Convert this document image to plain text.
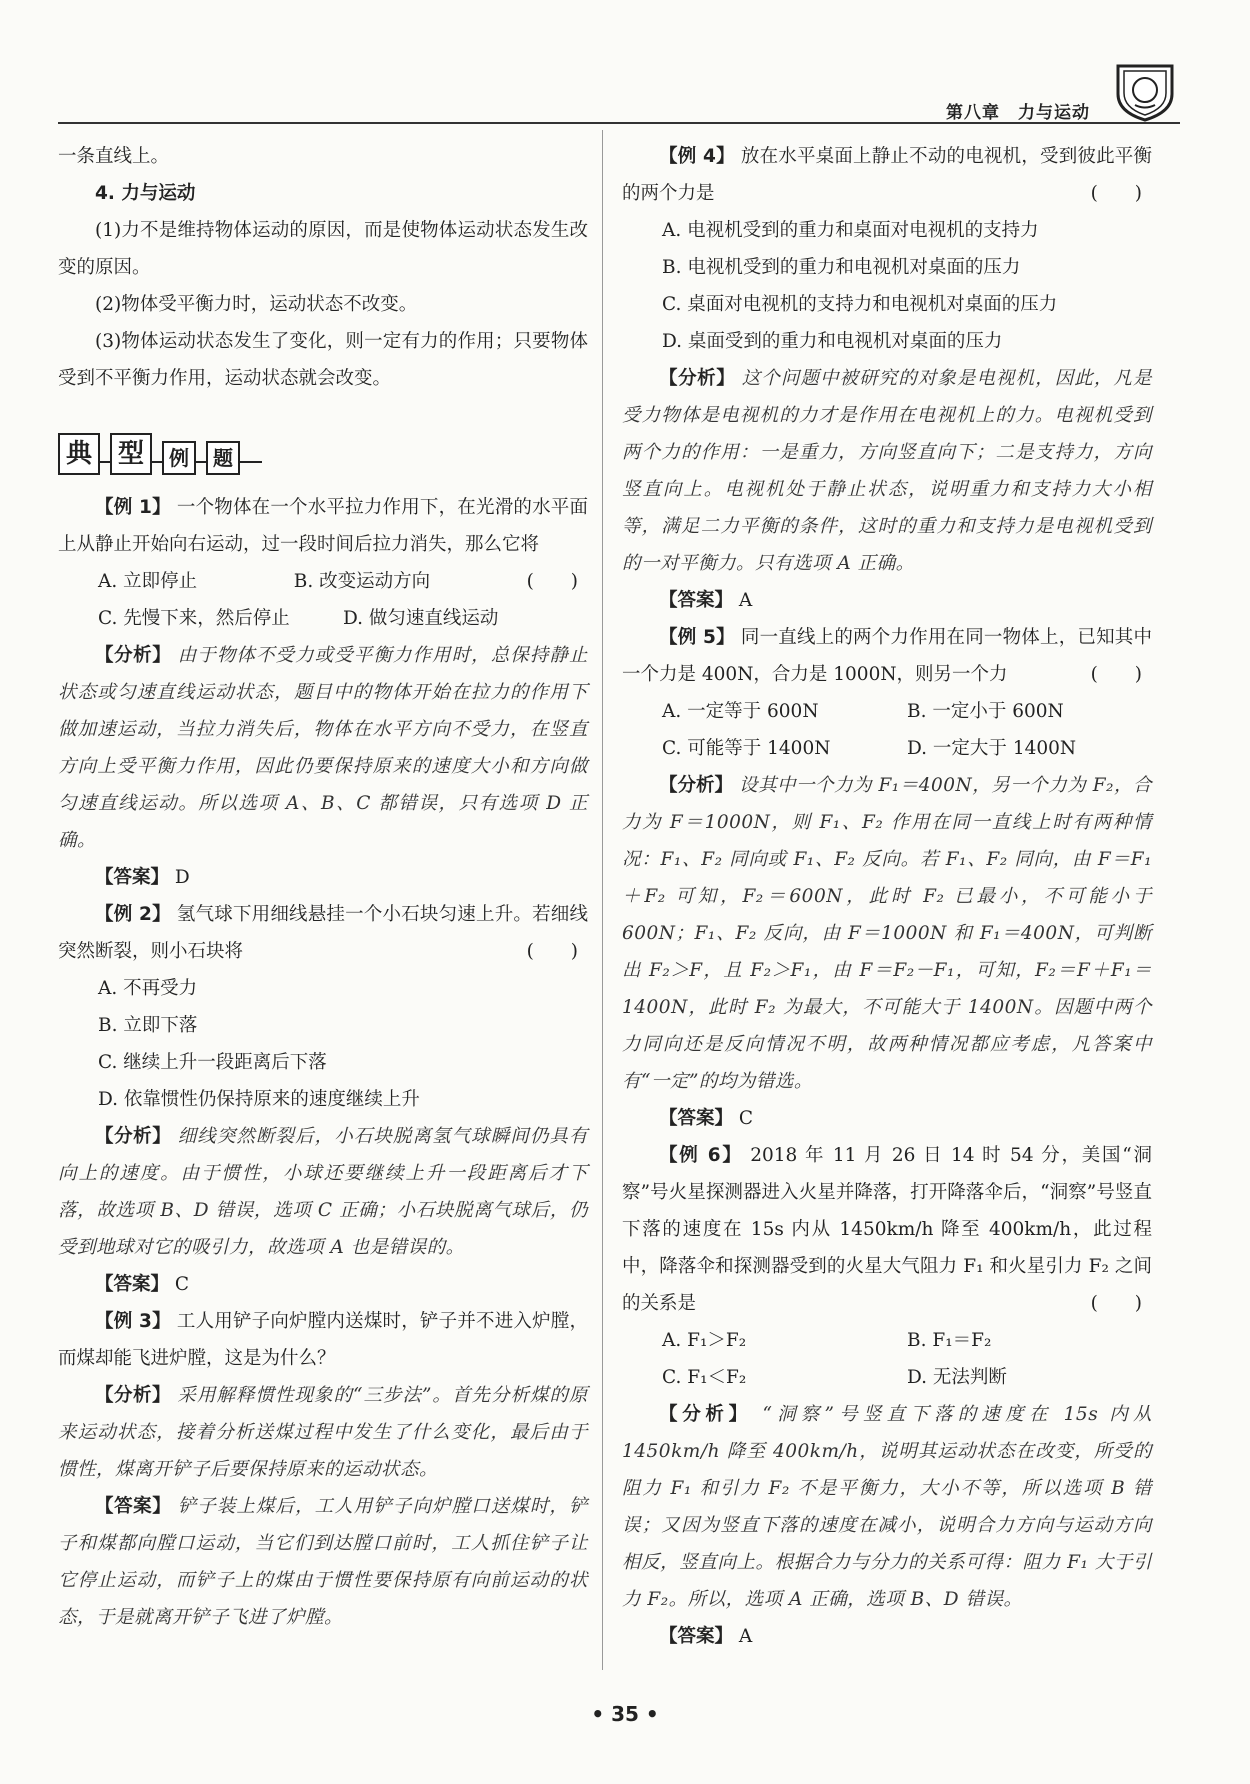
第八章　力与运动

一条直线上。

4. 力与运动

(1)力不是维持物体运动的原因，而是使物体运动状态发生改变的原因。

(2)物体受平衡力时，运动状态不改变。

(3)物体运动状态发生了变化，则一定有力的作用；只要物体受到不平衡力作用，运动状态就会改变。

典 型	例	题

【例 1】 一个物体在一个水平拉力作用下，在光滑的水平面上从静止开始向右运动，过一段时间后拉力消失，那么它将
(　　)

A. 立即停止	B. 改变运动方向
C. 先慢下来，然后停止	D. 做匀速直线运动

【分析】 由于物体不受力或受平衡力作用时，总保持静止状态或匀速直线运动状态，题目中的物体开始在拉力的作用下做加速运动，当拉力消失后，物体在水平方向不受力，在竖直方向上受平衡力作用，因此仍要保持原来的速度大小和方向做匀速直线运动。所以选项 A、B、C 都错误，只有选项 D 正确。

【答案】 D

【例 2】 氢气球下用细线悬挂一个小石块匀速上升。若细线突然断裂，则小石块将	(　　)

A. 不再受力

B. 立即下落

C. 继续上升一段距离后下落

D. 依靠惯性仍保持原来的速度继续上升

【分析】 细线突然断裂后，小石块脱离氢气球瞬间仍具有向上的速度。由于惯性，小球还要继续上升一段距离后才下落，故选项 B、D 错误，选项 C 正确；小石块脱离气球后，仍受到地球对它的吸引力，故选项 A 也是错误的。

【答案】 C

【例 3】 工人用铲子向炉膛内送煤时，铲子并不进入炉膛，而煤却能飞进炉膛，这是为什么？

【分析】 采用解释惯性现象的“三步法”。首先分析煤的原来运动状态，接着分析送煤过程中发生了什么变化，最后由于惯性，煤离开铲子后要保持原来的运动状态。

【答案】 铲子装上煤后，工人用铲子向炉膛口送煤时，铲子和煤都向膛口运动，当它们到达膛口前时，工人抓住铲子让它停止运动，而铲子上的煤由于惯性要保持原有向前运动的状态，于是就离开铲子飞进了炉膛。

【例 4】 放在水平桌面上静止不动的电视机，受到彼此平衡的两个力是	(　　)

A. 电视机受到的重力和桌面对电视机的支持力

B. 电视机受到的重力和电视机对桌面的压力

C. 桌面对电视机的支持力和电视机对桌面的压力

D. 桌面受到的重力和电视机对桌面的压力

【分析】 这个问题中被研究的对象是电视机，因此，凡是受力物体是电视机的力才是作用在电视机上的力。电视机受到两个力的作用：一是重力，方向竖直向下；二是支持力，方向竖直向上。电视机处于静止状态，说明重力和支持力大小相等，满足二力平衡的条件，这时的重力和支持力是电视机受到的一对平衡力。只有选项 A 正确。

【答案】 A

【例 5】 同一直线上的两个力作用在同一物体上，已知其中一个力是 400N，合力是 1000N，则另一个力	(　　)

A. 一定等于 600N	B. 一定小于 600N
C. 可能等于 1400N	D. 一定大于 1400N

【分析】 设其中一个力为 F₁＝400N，另一个力为 F₂，合力为 F＝1000N，则 F₁、F₂ 作用在同一直线上时有两种情况：F₁、F₂ 同向或 F₁、F₂ 反向。若 F₁、F₂ 同向，由 F＝F₁＋F₂ 可知，F₂＝600N，此时 F₂ 已最小，不可能小于 600N；F₁、F₂ 反向，由 F＝1000N 和 F₁＝400N，可判断出 F₂＞F，且 F₂＞F₁，由 F＝F₂－F₁，可知，F₂＝F＋F₁＝1400N，此时 F₂ 为最大，不可能大于 1400N。因题中两个力同向还是反向情况不明，故两种情况都应考虑，凡答案中有“一定”的均为错选。

【答案】 C

【例 6】 2018 年 11 月 26 日 14 时 54 分，美国“洞察”号火星探测器进入火星并降落，打开降落伞后，“洞察”号竖直下落的速度在 15s 内从 1450km/h 降至 400km/h，此过程中，降落伞和探测器受到的火星大气阻力 F₁ 和火星引力 F₂ 之间的关系是	(　　)

A. F₁＞F₂	B. F₁＝F₂
C. F₁＜F₂	D. 无法判断

【分析】 “洞察”号竖直下落的速度在 15s 内从 1450km/h 降至 400km/h，说明其运动状态在改变，所受的阻力 F₁ 和引力 F₂ 不是平衡力，大小不等，所以选项 B 错误；又因为竖直下落的速度在减小，说明合力方向与运动方向相反，竖直向上。根据合力与分力的关系可得：阻力 F₁ 大于引力 F₂。所以，选项 A 正确，选项 B、D 错误。

【答案】 A

• 35 •
